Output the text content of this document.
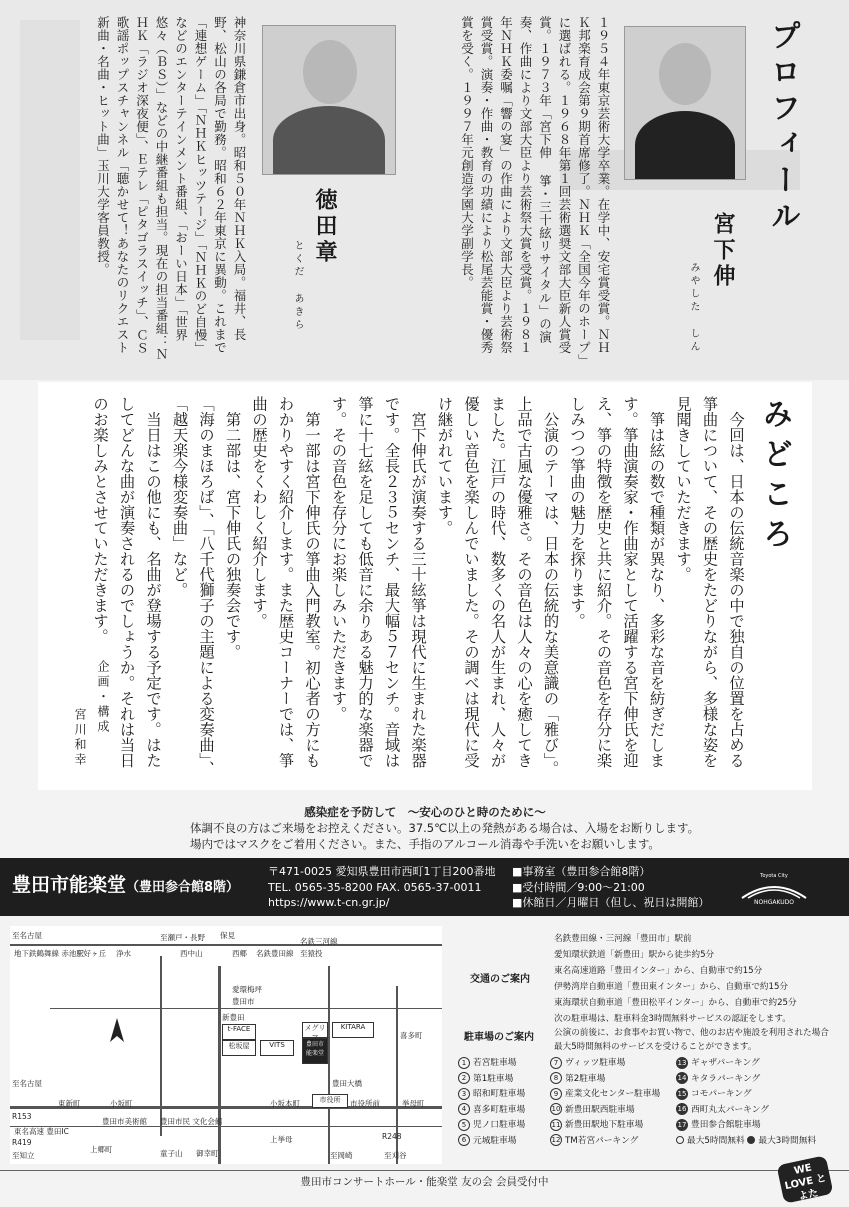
プロフィール
宮下伸
みやした しん
１９５４年東京芸術大学卒業。在学中、安宅賞受賞。ＮＨＫ邦楽育成会第９期首席修了。ＮＨＫ「全国今年のホープ」に選ばれる。１９６８年第１回芸術選奨文部大臣新人賞受賞。１９７３年「宮下伸 箏・三十絃リサイタル」の演奏、作曲により文部大臣より芸術祭大賞を受賞。１９８１年ＮＨＫ委嘱「響の宴」の作曲により文部大臣より芸術祭賞受賞。演奏・作曲・教育の功績により松尾芸能賞・優秀賞を受く。１９９７年元創造学園大学副学長。
徳田章
とくだ あきら
神奈川県鎌倉市出身。昭和５０年ＮＨＫ入局。福井、長野、松山の各局で勤務。昭和６２年東京に異動。これまで「連想ゲーム」「ＮＨＫヒッツテージ」「ＮＨＫのど自慢」などのエンターテインメント番組、「おーい日本」「世界悠々（ＢＳ）」などの中継番組も担当。現在の担当番組：ＮＨＫ「ラジオ深夜便」、Ｅテレ「ピタゴラスイッチ」、ＣＳ歌謡ポップスチャンネル「聴かせて！あなたのリクエスト 新曲・名曲・ヒット曲」玉川大学客員教授。
みどころ
　今回は、日本の伝統音楽の中で独自の位置を占める箏曲について、その歴史をたどりながら、多様な姿を見聞きしていただきます。
　箏は絃の数で種類が異なり、多彩な音を紡ぎだします。箏曲演奏家・作曲家として活躍する宮下伸氏を迎え、箏の特徴を歴史と共に紹介。その音色を存分に楽しみつつ箏曲の魅力を探ります。
　公演のテーマは、日本の伝統的な美意識の「雅び」。上品で古風な優雅さ。その音色は人々の心を癒してきました。江戸の時代、数多くの名人が生まれ、人々が優しい音色を楽しんでいました。その調べは現代に受け継がれています。
　宮下伸氏が演奏する三十絃箏は現代に生まれた楽器です。全長２３５センチ、最大幅５７センチ。音域は箏に十七絃を足しても低音に余りある魅力的な楽器です。その音色を存分にお楽しみいただきます。
　第一部は宮下伸氏の箏曲入門教室。初心者の方にもわかりやすく紹介します。また歴史コーナーでは、箏曲の歴史をくわしく紹介します。
　第二部は、宮下伸氏の独奏会です。
「海のまほろば」、「八千代獅子の主題による変奏曲」、「越天楽今様変奏曲」など。
　当日はこの他にも、名曲が登場する予定です。はたしてどんな曲が演奏されるのでしょうか。それは当日のお楽しみとさせていただきます。
企画・構成
宮川和幸
感染症を予防して　〜安心のひと時のために〜
体調不良の方はご来場をお控えください。37.5℃以上の発熱がある場合は、入場をお断りします。
場内ではマスクをご着用ください。また、手指のアルコール消毒や手洗いをお願いします。
豊田市能楽堂（豊田参合館8階）
〒471-0025 愛知県豊田市西町1丁目200番地
TEL. 0565-35-8200 FAX. 0565-37-0011
https://www.t-cn.gr.jp/
■事務室（豊田参合館8階）
■受付時間／9:00〜21:00
■休館日／月曜日（但し、祝日は開館）
Toyota City
NOHGAKUDO
t-FACE
松坂屋	VITS
KITARA
メグリ
豊田市 能楽堂
市役所
至名古屋
地下鉄鶴舞線 赤池駅
三好ヶ丘 浄水
至瀬戸・長野 保見
西中山	西郷 名鉄豊田線
名鉄三河線
至猿投
豊田市
愛環梅坪
新豊田
喜多町
豊田大橋
小坂本町	市役所前	挙母町
東新町	小坂町
至名古屋
R153
東名高速 豊田IC
豊田市美術館 豊田市民 文化会館
上郷町
至知立
R419	上挙母
童子山 御幸町	至岡崎
R248
至刈谷
交通のご案内
名鉄豊田線・三河線「豊田市」駅前
愛知環状鉄道「新豊田」駅から徒歩約5分
東名高速道路「豊田インター」から、自動車で約15分
伊勢湾岸自動車道「豊田東インター」から、自動車で約15分
東海環状自動車道「豊田松平インター」から、自動車で約25分
駐車場のご案内
次の駐車場は、駐車料金3時間無料サービスの認証をします。
公演の前後に、お食事やお買い物で、他のお店や施設を利用された場合
最大5時間無料のサービスを受けることができます。
1 若宮駐車場
2 第1駐車場
3 昭和町駐車場
4 喜多町駐車場
5 児ノ口駐車場
6 元城駐車場
7 ヴィッツ駐車場
8 第2駐車場
9 産業文化センター駐車場
10 新豊田駅西駐車場
11 新豊田駅地下駐車場
12 TM若宮パーキング
13 ギャザパーキング
14 キタラパーキング
15 コモパーキング
16 西町丸太パーキング
17 豊田参合館駐車場
最大5時間無料 最大3時間無料
豊田市コンサートホール・能楽堂 友の会 会員受付中
WE LOVE とよた
